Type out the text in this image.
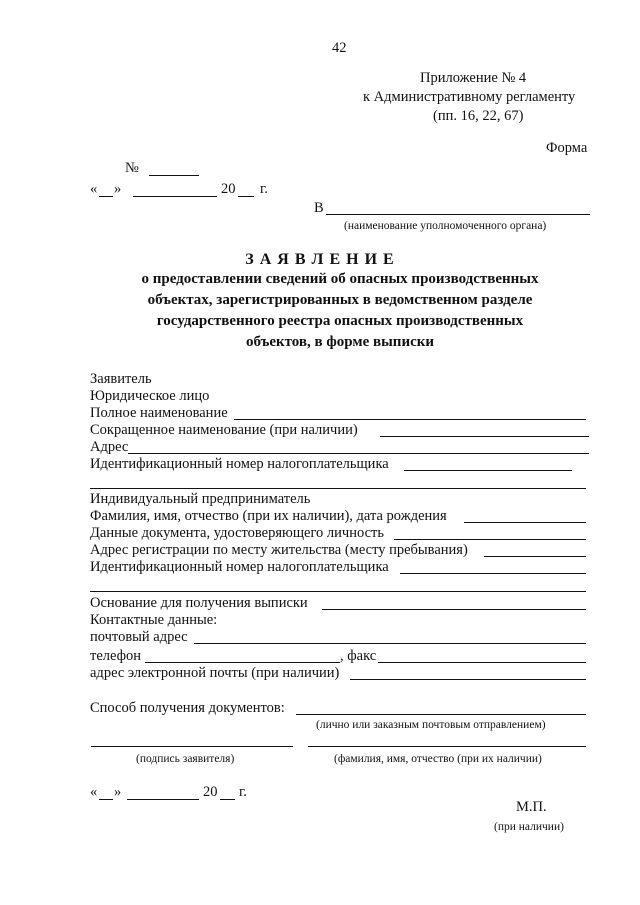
42
Приложение № 4
к Административному регламенту
(пп. 16, 22, 67)
Форма
№
« »	20 г.
В
(наименование уполномоченного органа)
З А Я В Л Е Н И Е
о предоставлении сведений об опасных производственных
объектах, зарегистрированных в ведомственном разделе
государственного реестра опасных производственных
объектов, в форме выписки
Заявитель
Юридическое лицо
Полное наименование
Сокращенное наименование (при наличии)
Адрес
Идентификационный номер налогоплательщика
Индивидуальный предприниматель
Фамилия, имя, отчество (при их наличии), дата рождения
Данные документа, удостоверяющего личность
Адрес регистрации по месту жительства (месту пребывания)
Идентификационный номер налогоплательщика
Основание для получения выписки
Контактные данные:
почтовый адрес
телефон	, факс
адрес электронной почты (при наличии)
Способ получения документов:
(лично или заказным почтовым отправлением)
(подпись заявителя)	(фамилия, имя, отчество (при их наличии)
« »	20 г.
М.П.
(при наличии)
